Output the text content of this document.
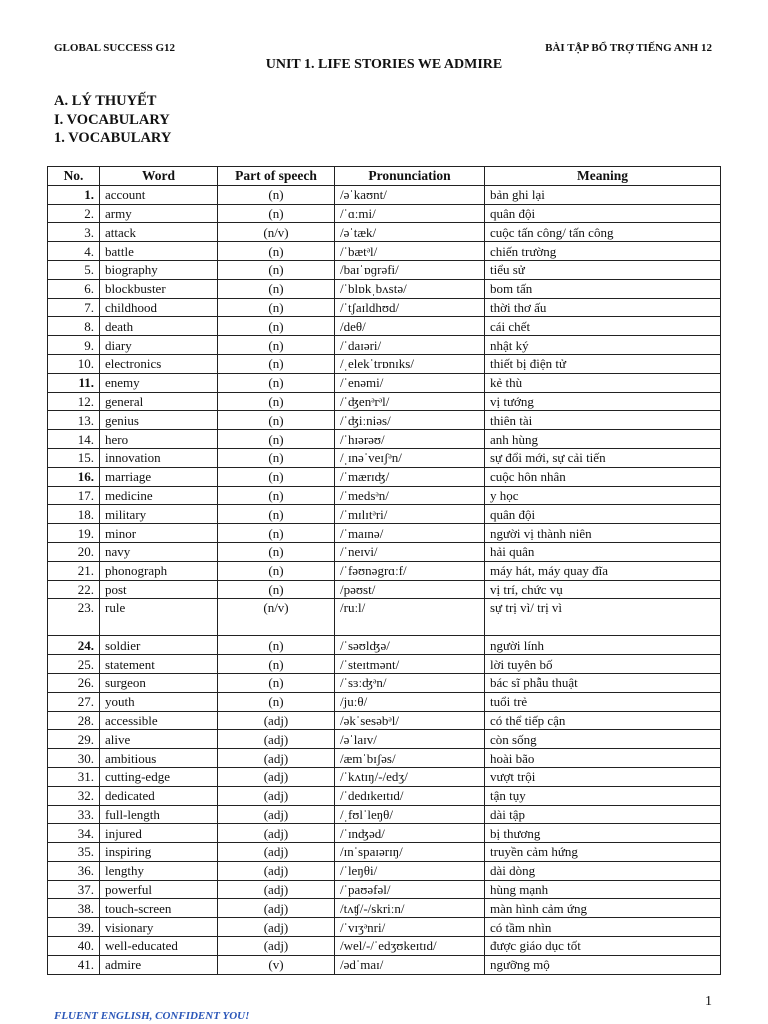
GLOBAL SUCCESS G12	BÀI TẬP BỔ TRỢ TIẾNG ANH 12
UNIT 1. LIFE STORIES WE ADMIRE
A. LÝ THUYẾT
I. VOCABULARY
1. VOCABULARY
No.	Word	Part of speech	Pronunciation	Meaning
1.	account	(n)	/əˈkaʊnt/	bản ghi lại
2.	army	(n)	/ˈɑːmi/	quân đội
3.	attack	(n/v)	/əˈtæk/	cuộc tấn công/ tấn công
4.	battle	(n)	/ˈbætᵊl/	chiến trường
5.	biography	(n)	/baɪˈɒɡrəfi/	tiểu sử
6.	blockbuster	(n)	/ˈblɒkˌbʌstə/	bom tấn
7.	childhood	(n)	/ˈtʃaɪldhʊd/	thời thơ ấu
8.	death	(n)	/deθ/	cái chết
9.	diary	(n)	/ˈdaɪəri/	nhật ký
10.	electronics	(n)	/ˌelekˈtrɒnɪks/	thiết bị điện tử
11.	enemy	(n)	/ˈenəmi/	kẻ thù
12.	general	(n)	/ˈʤenᵊrᵊl/	vị tướng
13.	genius	(n)	/ˈʤiːniəs/	thiên tài
14.	hero	(n)	/ˈhɪərəʊ/	anh hùng
15.	innovation	(n)	/ˌɪnəˈveɪʃᵊn/	sự đổi mới, sự cải tiến
16.	marriage	(n)	/ˈmærɪʤ/	cuộc hôn nhân
17.	medicine	(n)	/ˈmedsᵊn/	y học
18.	military	(n)	/ˈmɪlɪtᵊri/	quân đội
19.	minor	(n)	/ˈmaɪnə/	người vị thành niên
20.	navy	(n)	/ˈneɪvi/	hải quân
21.	phonograph	(n)	/ˈfəʊnəgrɑːf/	máy hát, máy quay đĩa
22.	post	(n)	/pəʊst/	vị trí, chức vụ
23.	rule	(n/v)	/ruːl/	sự trị vì/ trị vì
24.	soldier	(n)	/ˈsəʊlʤə/	người lính
25.	statement	(n)	/ˈsteɪtmənt/	lời tuyên bố
26.	surgeon	(n)	/ˈsɜːʤᵊn/	bác sĩ phẫu thuật
27.	youth	(n)	/juːθ/	tuổi trẻ
28.	accessible	(adj)	/əkˈsesəbᵊl/	có thể tiếp cận
29.	alive	(adj)	/əˈlaɪv/	còn sống
30.	ambitious	(adj)	/æmˈbɪʃəs/	hoài bão
31.	cutting-edge	(adj)	/ˈkʌtɪŋ/-/edʒ/	vượt trội
32.	dedicated	(adj)	/ˈdedɪkeɪtɪd/	tận tụy
33.	full-length	(adj)	/ˌfʊlˈleŋθ/	dài tập
34.	injured	(adj)	/ˈɪnʤəd/	bị thương
35.	inspiring	(adj)	/ɪnˈspaɪərɪŋ/	truyền cảm hứng
36.	lengthy	(adj)	/ˈleŋθi/	dài dòng
37.	powerful	(adj)	/ˈpaʊəfəl/	hùng mạnh
38.	touch-screen	(adj)	/tʌʧ/-/skriːn/	màn hình cảm ứng
39.	visionary	(adj)	/ˈvɪʒᵊnri/	có tầm nhìn
40.	well-educated	(adj)	/wel/-/ˈedʒʊkeɪtɪd/	được giáo dục tốt
41.	admire	(v)	/ədˈmaɪ/	ngưỡng mộ
1
FLUENT ENGLISH, CONFIDENT YOU!
